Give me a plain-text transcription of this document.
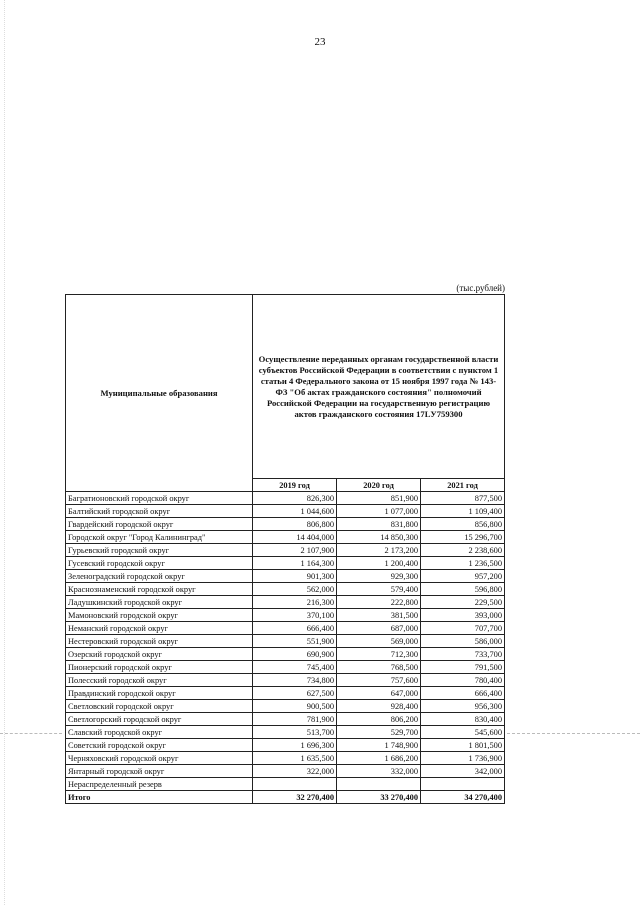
23
(тыс.рублей)
Муниципальные образования	Осуществление переданных органам государственной власти субъектов Российской Федерации в соответствии с пунктом 1 статьи 4 Федерального закона от 15 ноября 1997 года № 143-ФЗ "Об актах гражданского состояния" полномочий Российской Федерации на государственную регистрацию актов гражданского состояния 17LУ759300		
	2019 год	2020 год	2021 год
Багратионовский городской округ	826,300	851,900	877,500
Балтийский городской округ	1 044,600	1 077,000	1 109,400
Гвардейский городской округ	806,800	831,800	856,800
Городской округ "Город Калининград"	14 404,000	14 850,300	15 296,700
Гурьевский городской округ	2 107,900	2 173,200	2 238,600
Гусевский городской округ	1 164,300	1 200,400	1 236,500
Зеленоградский городской округ	901,300	929,300	957,200
Краснознаменский городской округ	562,000	579,400	596,800
Ладушкинский городской округ	216,300	222,800	229,500
Мамоновский городской округ	370,100	381,500	393,000
Неманский городской округ	666,400	687,000	707,700
Нестеровский городской округ	551,900	569,000	586,000
Озерский городской округ	690,900	712,300	733,700
Пионерский городской округ	745,400	768,500	791,500
Полесский городской округ	734,800	757,600	780,400
Правдинский городской округ	627,500	647,000	666,400
Светловский городской округ	900,500	928,400	956,300
Светлогорский городской округ	781,900	806,200	830,400
Славский городской округ	513,700	529,700	545,600
Советский городской округ	1 696,300	1 748,900	1 801,500
Черняховский городской округ	1 635,500	1 686,200	1 736,900
Янтарный городской округ	322,000	332,000	342,000
Нераспределенный резерв			
Итого	32 270,400	33 270,400	34 270,400
